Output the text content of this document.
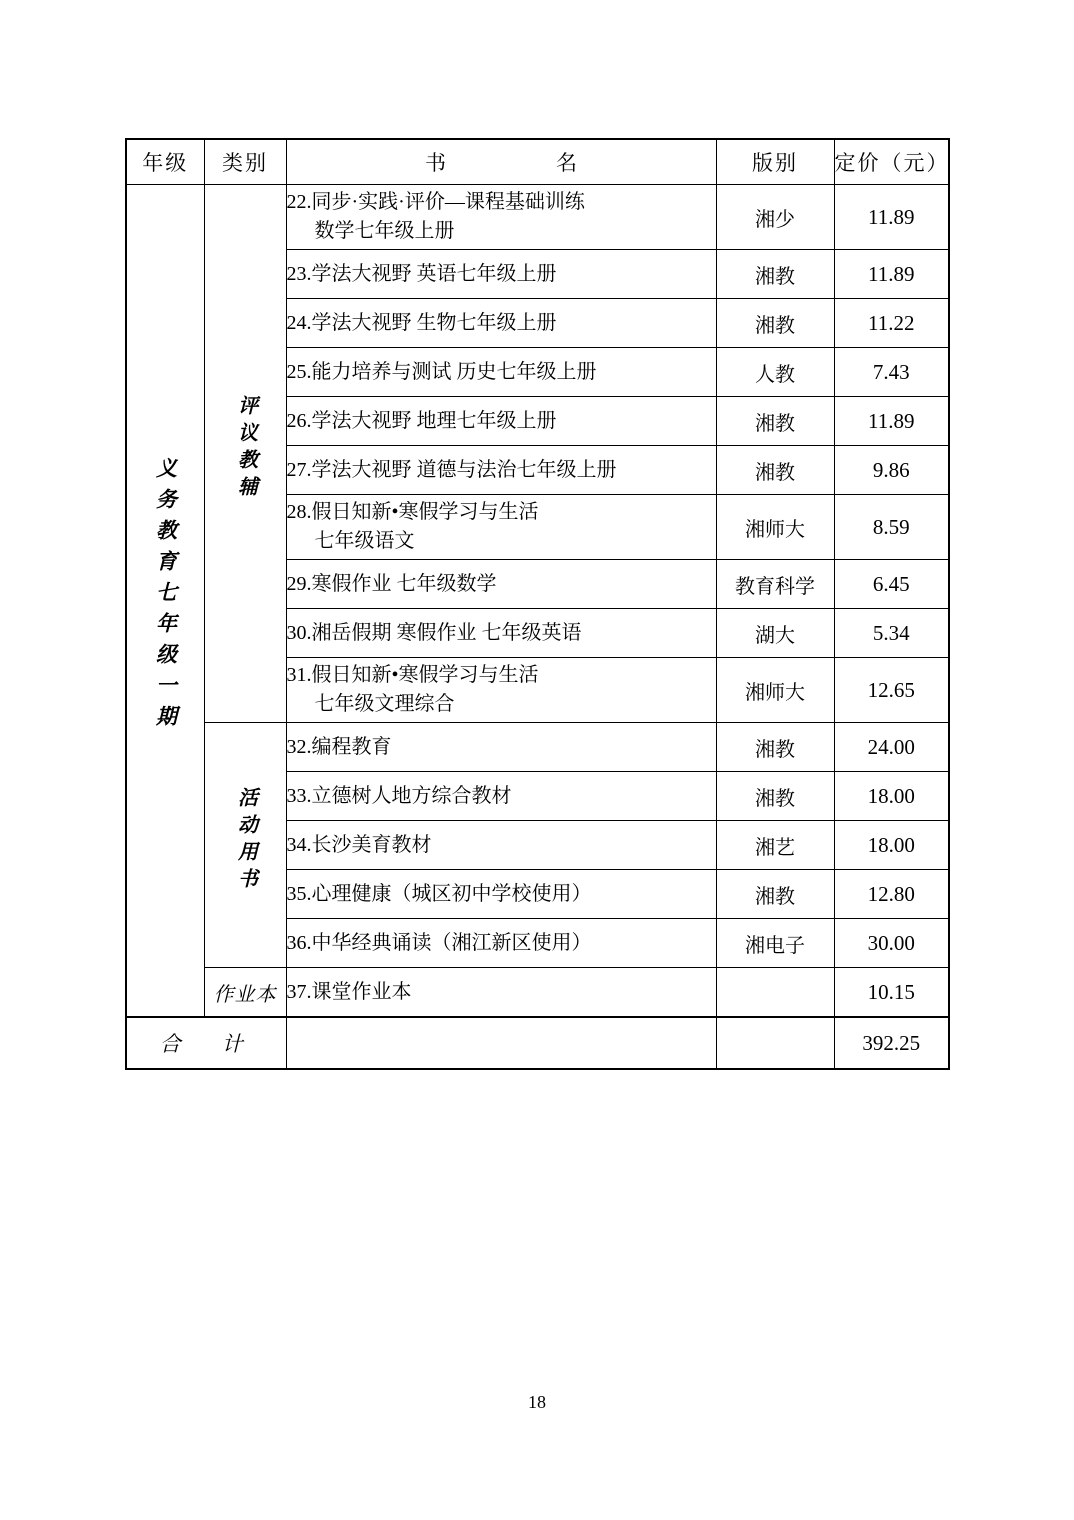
年级	类别	书 名	版别	定价（元）
义务教育七年级一期	评议教辅	22.同步·实践·评价—课程基础训练
数学七年级上册	湘少	11.89
		23.学法大视野 英语七年级上册	湘教	11.89
		24.学法大视野 生物七年级上册	湘教	11.22
		25.能力培养与测试 历史七年级上册	人教	7.43
		26.学法大视野 地理七年级上册	湘教	11.89
		27.学法大视野 道德与法治七年级上册	湘教	9.86
		28.假日知新•寒假学习与生活
七年级语文	湘师大	8.59
		29.寒假作业 七年级数学	教育科学	6.45
		30.湘岳假期 寒假作业 七年级英语	湖大	5.34
		31.假日知新•寒假学习与生活
七年级文理综合	湘师大	12.65
	活动用书	32.编程教育	湘教	24.00
		33.立德树人地方综合教材	湘教	18.00
		34.长沙美育教材	湘艺	18.00
		35.心理健康（城区初中学校使用）	湘教	12.80
		36.中华经典诵读（湘江新区使用）	湘电子	30.00
	作业本	37.课堂作业本		10.15
合　计				392.25
18
